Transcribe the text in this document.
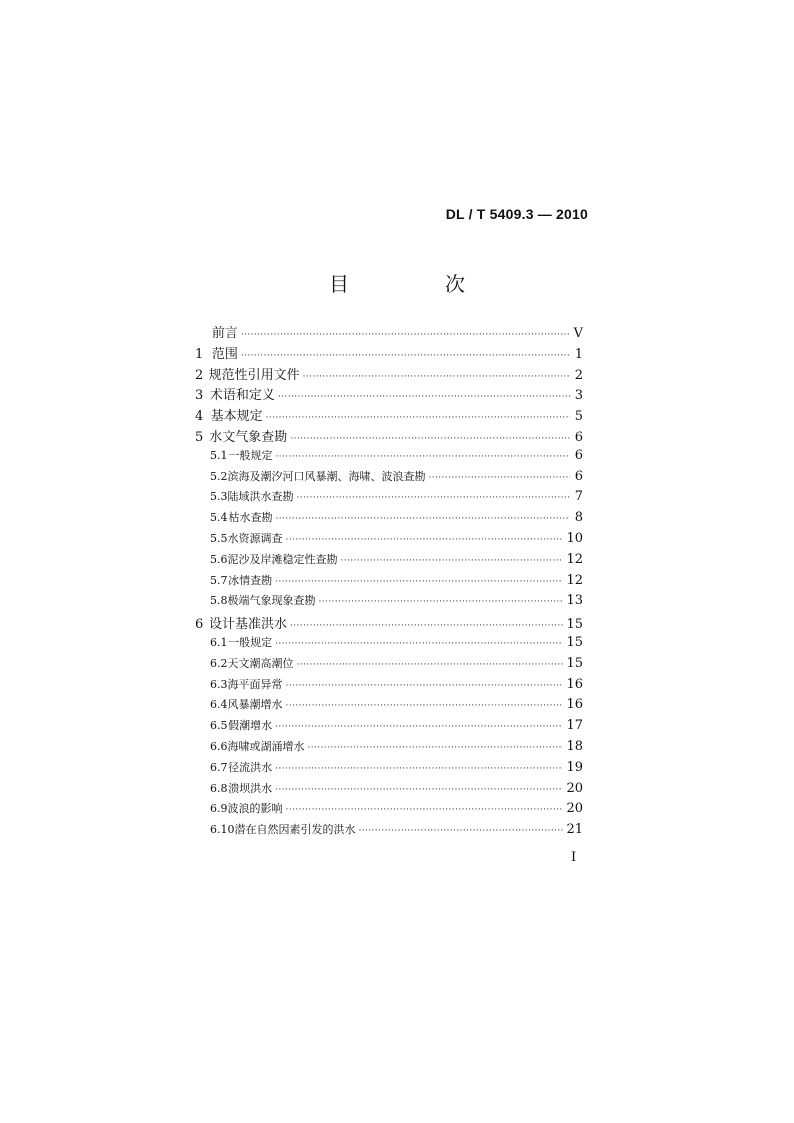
DL / T 5409.3 — 2010
目　次
前言 ·····	V
1 范围 ·····	1
2 规范性引用文件 ·····	2
3 术语和定义 ·····	3
4 基本规定 ·····	5
5 水文气象查勘 ·····	6
5.1 一般规定 ·····	6
5.2 滨海及潮汐河口风暴潮、海啸、波浪查勘 ·····	6
5.3 陆域洪水查勘 ·····	7
5.4 枯水查勘 ·····	8
5.5 水资源调查 ·····	10
5.6 泥沙及岸滩稳定性查勘 ·····	12
5.7 冰情查勘 ·····	12
5.8 极端气象现象查勘 ·····	13
6 设计基准洪水 ·····	15
6.1 一般规定 ·····	15
6.2 天文潮高潮位 ·····	15
6.3 海平面异常 ·····	16
6.4 风暴潮增水 ·····	16
6.5 假潮增水 ·····	17
6.6 海啸或湖涌增水 ·····	18
6.7 径流洪水 ·····	19
6.8 溃坝洪水 ·····	20
6.9 波浪的影响 ·····	20
6.10 潜在自然因素引发的洪水 ·····	21
I
